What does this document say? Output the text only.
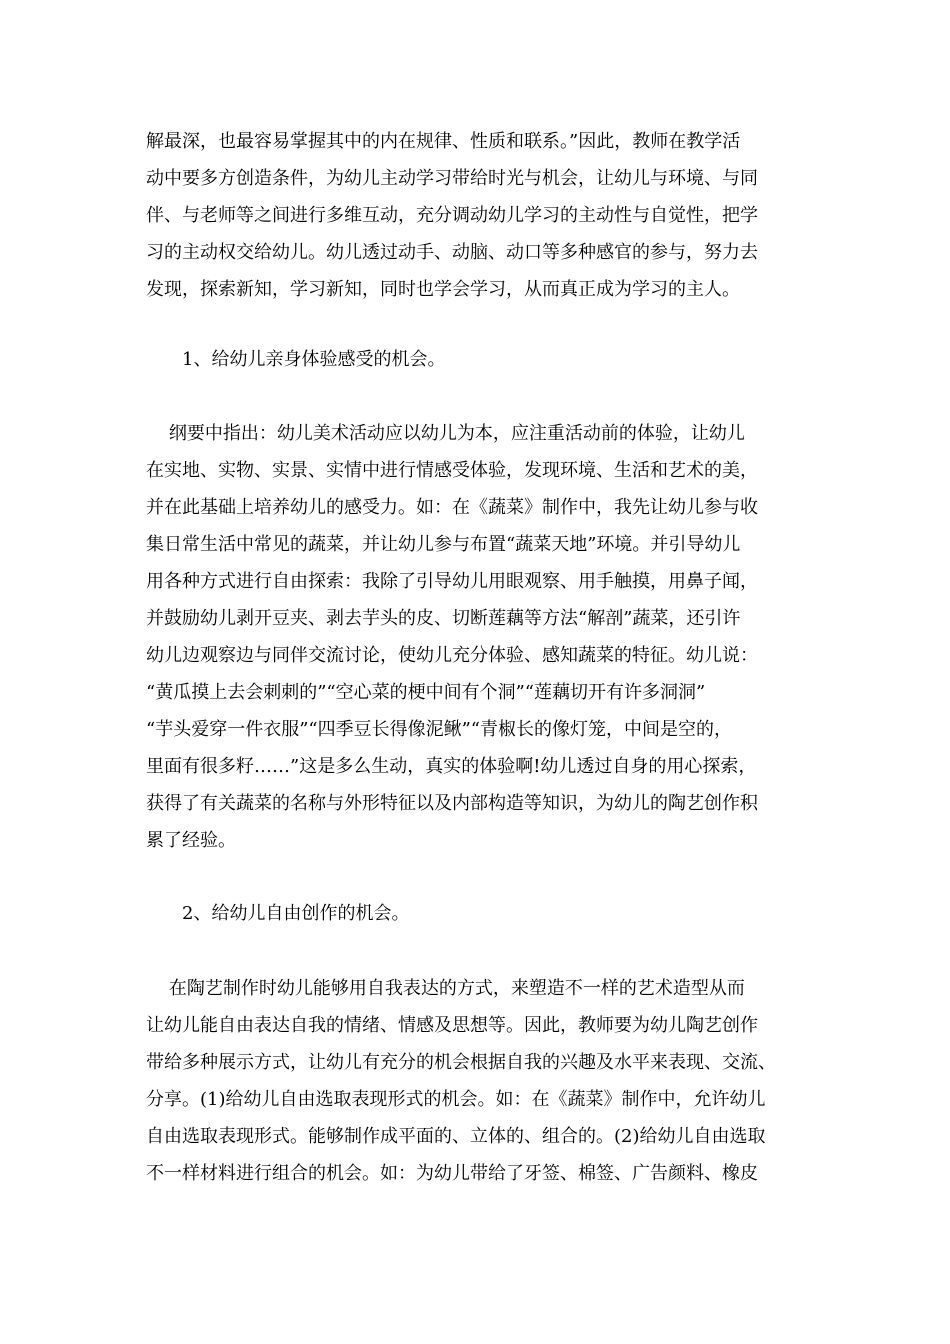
解最深，也最容易掌握其中的内在规律、性质和联系。”因此，教师在教学活
动中要多方创造条件，为幼儿主动学习带给时光与机会，让幼儿与环境、与同
伴、与老师等之间进行多维互动，充分调动幼儿学习的主动性与自觉性，把学
习的主动权交给幼儿。幼儿透过动手、动脑、动口等多种感官的参与，努力去
发现，探索新知，学习新知，同时也学会学习，从而真正成为学习的主人。
1、给幼儿亲身体验感受的机会。
纲要中指出：幼儿美术活动应以幼儿为本，应注重活动前的体验，让幼儿
在实地、实物、实景、实情中进行情感受体验，发现环境、生活和艺术的美，
并在此基础上培养幼儿的感受力。如：在《蔬菜》制作中，我先让幼儿参与收
集日常生活中常见的蔬菜，并让幼儿参与布置“蔬菜天地”环境。并引导幼儿
用各种方式进行自由探索：我除了引导幼儿用眼观察、用手触摸，用鼻子闻，
并鼓励幼儿剥开豆夹、剥去芋头的皮、切断莲藕等方法“解剖”蔬菜，还引许
幼儿边观察边与同伴交流讨论，使幼儿充分体验、感知蔬菜的特征。幼儿说：
“黄瓜摸上去会刺刺的”“空心菜的梗中间有个洞”“莲藕切开有许多洞洞”
“芋头爱穿一件衣服”“四季豆长得像泥鳅”“青椒长的像灯笼，中间是空的，
里面有很多籽……”这是多么生动，真实的体验啊!幼儿透过自身的用心探索，
获得了有关蔬菜的名称与外形特征以及内部构造等知识，为幼儿的陶艺创作积
累了经验。
2、给幼儿自由创作的机会。
在陶艺制作时幼儿能够用自我表达的方式，来塑造不一样的艺术造型从而
让幼儿能自由表达自我的情绪、情感及思想等。因此，教师要为幼儿陶艺创作
带给多种展示方式，让幼儿有充分的机会根据自我的兴趣及水平来表现、交流、
分享。(1)给幼儿自由选取表现形式的机会。如：在《蔬菜》制作中，允许幼儿
自由选取表现形式。能够制作成平面的、立体的、组合的。(2)给幼儿自由选取
不一样材料进行组合的机会。如：为幼儿带给了牙签、棉签、广告颜料、橡皮
